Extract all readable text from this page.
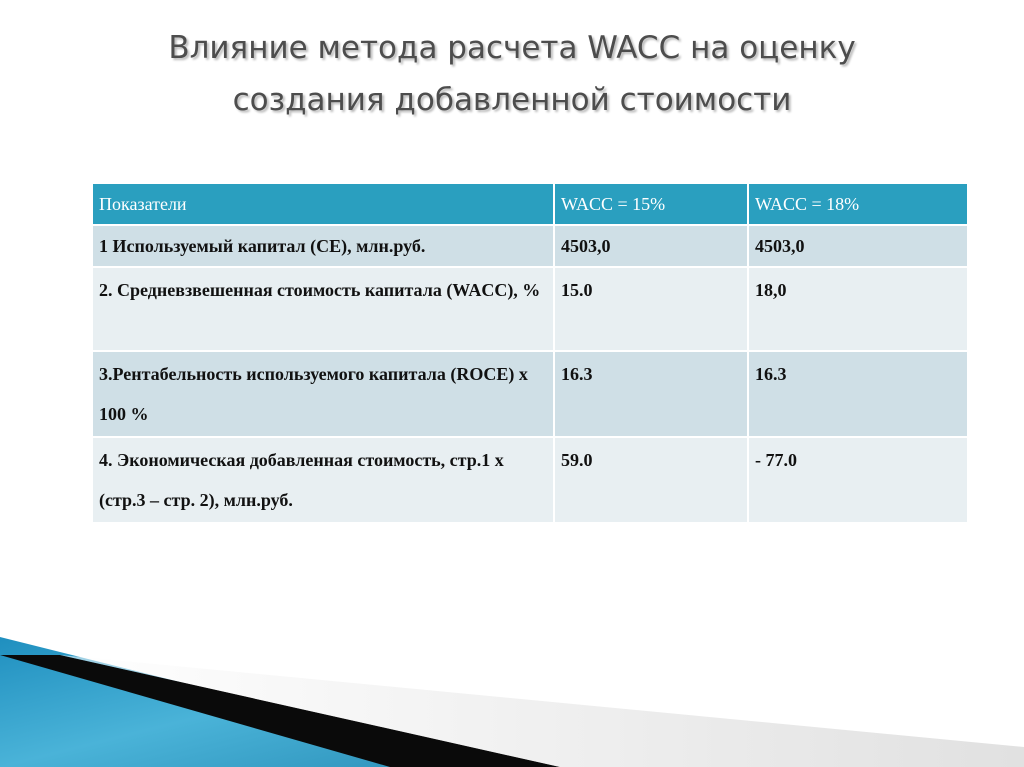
Влияние метода расчета WACC на оценку
создания добавленной стоимости
Показатели	WACC = 15%	WACC = 18%
1 Используемый капитал (CE), млн.руб.	4503,0	4503,0
2. Средневзвешенная стоимость капитала (WACC), %	15.0	18,0
3.Рентабельность используемого капитала (ROCE) х 100 %	16.3	16.3
4. Экономическая добавленная стоимость, стр.1 х (стр.3 – стр. 2), млн.руб.	59.0	- 77.0
